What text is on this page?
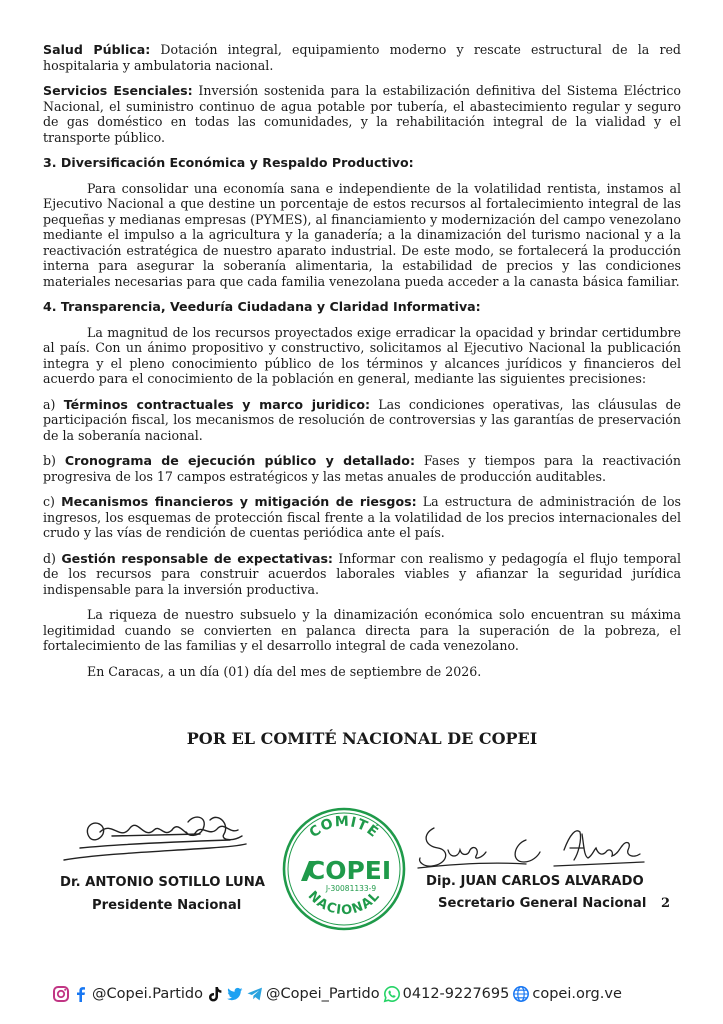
Salud Pública: Dotación integral, equipamiento moderno y rescate estructural de la red hospitalaria y ambulatoria nacional.

Servicios Esenciales: Inversión sostenida para la estabilización definitiva del Sistema Eléctrico Nacional, el suministro continuo de agua potable por tubería, el abastecimiento regular y seguro de gas doméstico en todas las comunidades, y la rehabilitación integral de la vialidad y el transporte público.

3. Diversificación Económica y Respaldo Productivo:

Para consolidar una economía sana e independiente de la volatilidad rentista, instamos al Ejecutivo Nacional a que destine un porcentaje de estos recursos al fortalecimiento integral de las pequeñas y medianas empresas (PYMES), al financiamiento y modernización del campo venezolano mediante el impulso a la agricultura y la ganadería; a la dinamización del turismo nacional y a la reactivación estratégica de nuestro aparato industrial. De este modo, se fortalecerá la producción interna para asegurar la soberanía alimentaria, la estabilidad de precios y las condiciones materiales necesarias para que cada familia venezolana pueda acceder a la canasta básica familiar.

4. Transparencia, Veeduría Ciudadana y Claridad Informativa:

La magnitud de los recursos proyectados exige erradicar la opacidad y brindar certidumbre al país. Con un ánimo propositivo y constructivo, solicitamos al Ejecutivo Nacional la publicación integra y el pleno conocimiento público de los términos y alcances jurídicos y financieros del acuerdo para el conocimiento de la población en general, mediante las siguientes precisiones:

a) Términos contractuales y marco juridico: Las condiciones operativas, las cláusulas de participación fiscal, los mecanismos de resolución de controversias y las garantías de preservación de la soberanía nacional.

b) Cronograma de ejecución público y detallado: Fases y tiempos para la reactivación progresiva de los 17 campos estratégicos y las metas anuales de producción auditables.

c) Mecanismos financieros y mitigación de riesgos: La estructura de administración de los ingresos, los esquemas de protección fiscal frente a la volatilidad de los precios internacionales del crudo y las vías de rendición de cuentas periódica ante el país.

d) Gestión responsable de expectativas: Informar con realismo y pedagogía el flujo temporal de los recursos para construir acuerdos laborales viables y afianzar la seguridad jurídica indispensable para la inversión productiva.

La riqueza de nuestro subsuelo y la dinamización económica solo encuentran su máxima legitimidad cuando se convierten en palanca directa para la superación de la pobreza, el fortalecimiento de las familias y el desarrollo integral de cada venezolano.

En Caracas, a un día (01) día del mes de septiembre de 2026.

POR EL COMITÉ NACIONAL DE COPEI

COMITÉ
NACIONAL
COPEI
J-30081133-9

Dr. ANTONIO SOTILLO LUNA

Presidente Nacional

Dip. JUAN CARLOS ALVARADO

Secretario General Nacional 2
@Copei.Partido	@Copei_Partido 0412-9227695 copei.org.ve
